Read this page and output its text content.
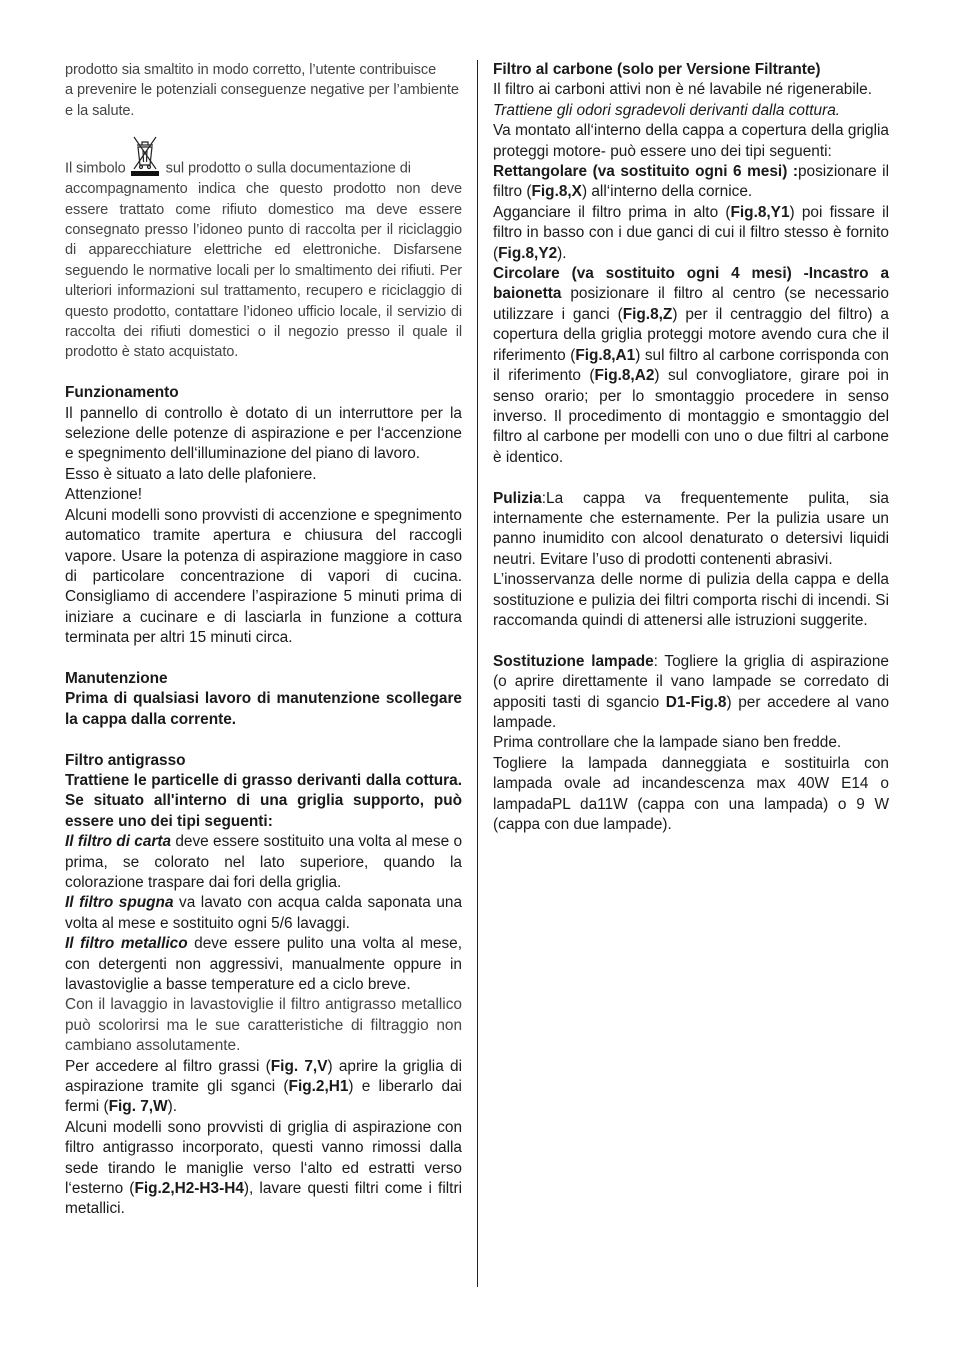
prodotto sia smaltito in modo corretto, l’utente contribuisce

a prevenire le potenziali conseguenze negative per l’ambiente

e la salute.

Il simbolo	sul prodotto o sulla documentazione di

accompagnamento indica che questo prodotto non deve essere trattato come rifiuto domestico ma deve essere consegnato presso l’idoneo punto di raccolta per il riciclaggio di apparecchiature elettriche ed elettroniche. Disfarsene seguendo le normative locali per lo smaltimento dei rifiuti. Per ulteriori informazioni sul trattamento, recupero e riciclaggio di questo prodotto, contattare l’idoneo ufficio locale, il servizio di raccolta dei rifiuti domestici o il negozio presso il quale il prodotto è stato acquistato.

Funzionamento

Il pannello di controllo è dotato di un interruttore per la selezione delle potenze di aspirazione e per l‘accenzione e spegnimento dell‘illuminazione del piano di lavoro.

Esso è situato a lato delle plafoniere.

Attenzione!

Alcuni modelli sono provvisti di accenzione e spegnimento automatico tramite apertura e chiusura del raccogli vapore. Usare la potenza di aspirazione maggiore in caso di particolare concentrazione di vapori di cucina. Consigliamo di accendere l’aspirazione 5 minuti prima di iniziare a cucinare e di lasciarla in funzione a cottura terminata per altri 15 minuti circa.

Manutenzione

Prima di qualsiasi lavoro di manutenzione scollegare la cappa dalla corrente.

Filtro antigrasso

Trattiene le particelle di grasso derivanti dalla cottura. Se situato all'interno di una griglia supporto, può essere uno dei tipi seguenti:

Il filtro di carta deve essere sostituito una volta al mese o prima, se colorato nel lato superiore, quando la colorazione traspare dai fori della griglia.

Il filtro spugna va lavato con acqua calda saponata una volta al mese e sostituito ogni 5/6 lavaggi.

Il filtro metallico deve essere pulito una volta al mese, con detergenti non aggressivi, manualmente oppure in lavastoviglie a basse temperature ed a ciclo breve.

Con il lavaggio in lavastoviglie il filtro antigrasso metallico può scolorirsi ma le sue caratteristiche di filtraggio non cambiano assolutamente.

Per accedere al filtro grassi (Fig. 7,V) aprire la griglia di aspirazione tramite gli sganci (Fig.2,H1) e liberarlo dai fermi (Fig. 7,W).

Alcuni modelli sono provvisti di griglia di aspirazione con filtro antigrasso incorporato, questi vanno rimossi dalla sede tirando le maniglie verso l‘alto ed estratti verso l‘esterno (Fig.2,H2-H3-H4), lavare questi filtri come i filtri metallici.

Filtro al carbone (solo per Versione Filtrante)

Il filtro ai carboni attivi non è né lavabile né rigenerabile.

Trattiene gli odori sgradevoli derivanti dalla cottura.

Va montato all‘interno della cappa a copertura della griglia proteggi motore- può essere uno dei tipi seguenti:

Rettangolare (va sostituito ogni 6 mesi) :posizionare il filtro (Fig.8,X) all‘interno della cornice.

Agganciare il filtro prima in alto (Fig.8,Y1) poi fissare il filtro in basso con i due ganci di cui il filtro stesso è fornito (Fig.8,Y2).

Circolare (va sostituito ogni 4 mesi) -Incastro a baionetta posizionare il filtro al centro (se necessario utilizzare i ganci (Fig.8,Z) per il centraggio del filtro) a copertura della griglia proteggi motore avendo cura che il riferimento (Fig.8,A1) sul filtro al carbone corrisponda con il riferimento (Fig.8,A2) sul convogliatore, girare poi in senso orario; per lo smontaggio procedere in senso inverso. Il procedimento di montaggio e smontaggio del filtro al carbone per modelli con uno o due filtri al carbone è identico.

Pulizia:La cappa va frequentemente pulita, sia internamente che esternamente. Per la pulizia usare un panno inumidito con alcool denaturato o detersivi liquidi neutri. Evitare l’uso di prodotti contenenti abrasivi.

L’inosservanza delle norme di pulizia della cappa e della sostituzione e pulizia dei filtri comporta rischi di incendi. Si raccomanda quindi di attenersi alle istruzioni suggerite.

Sostituzione lampade: Togliere la griglia di aspirazione (o aprire direttamente il vano lampade se corredato di appositi tasti di sgancio D1-Fig.8) per accedere al vano lampade.

Prima controllare che la lampade siano ben fredde.

Togliere la lampada danneggiata e sostituirla con lampada ovale ad incandescenza max 40W E14 o lampadaPL da11W (cappa con una lampada) o 9 W (cappa con due lampade).
